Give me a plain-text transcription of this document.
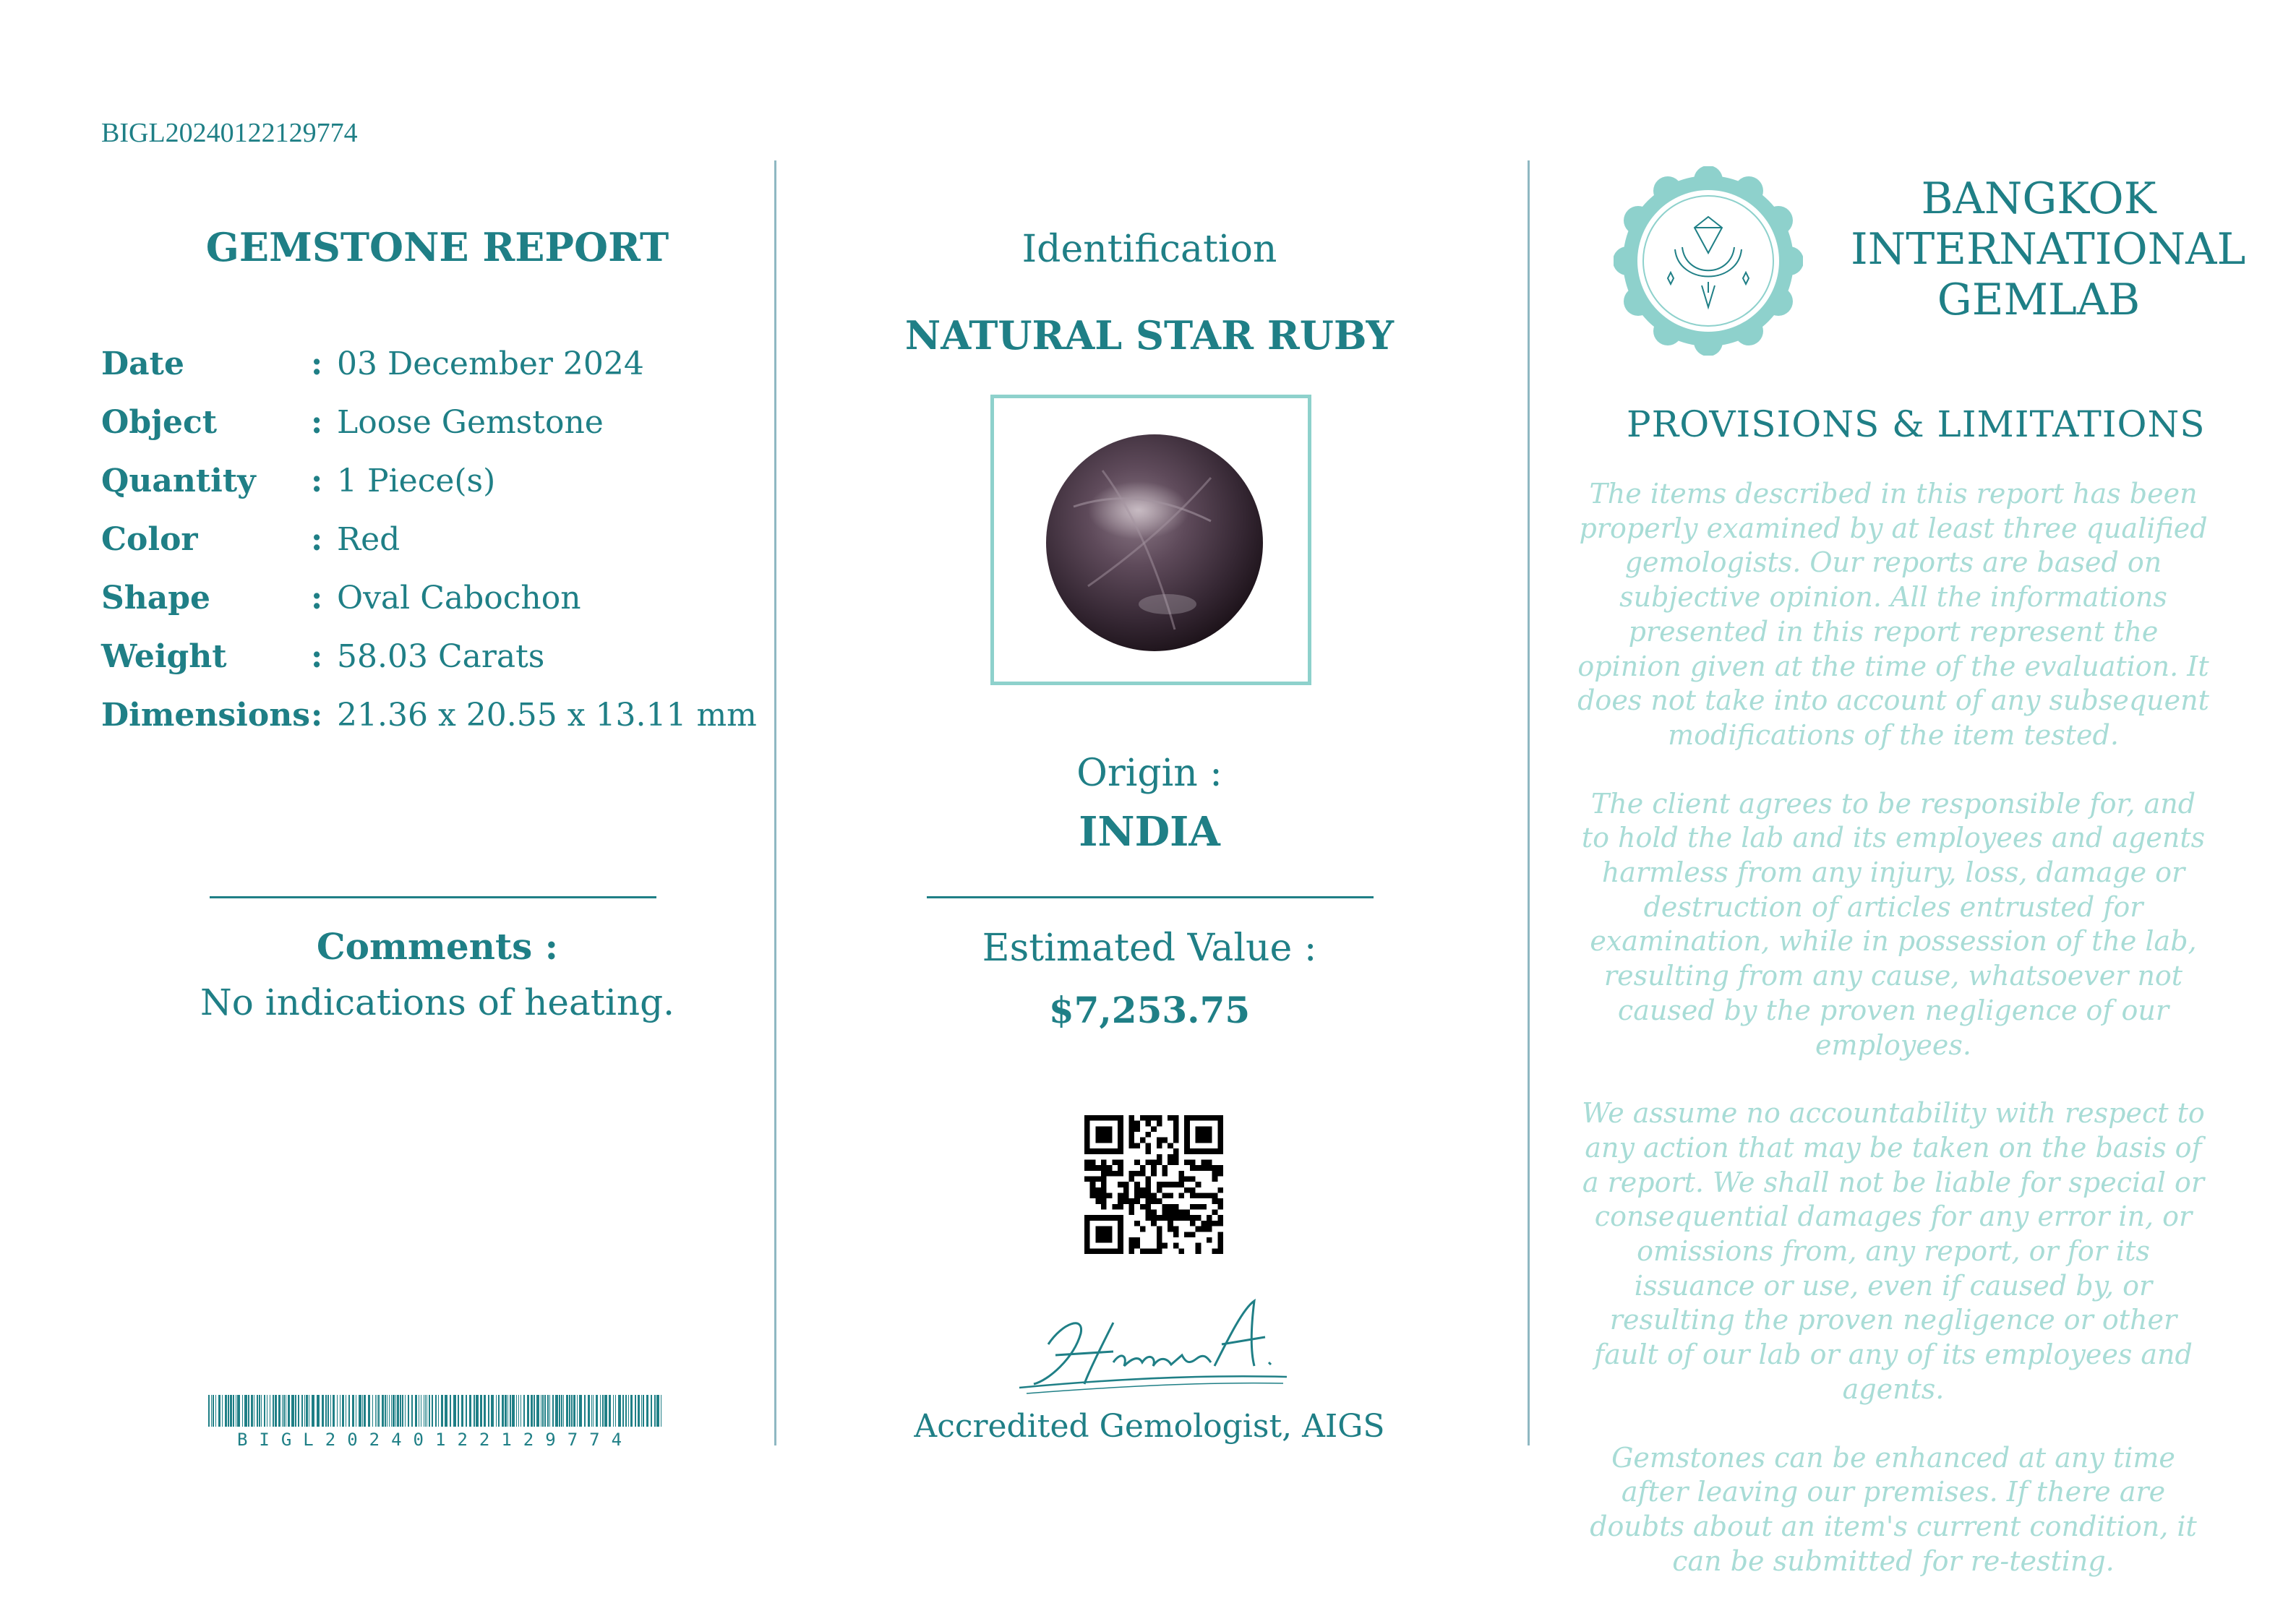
BIGL20240122129774
GEMSTONE REPORT
Date	: 03 December 2024
Object	: Loose Gemstone
Quantity	: 1 Piece(s)
Color	: Red
Shape	: Oval Cabochon
Weight	: 58.03 Carats
Dimensions : 21.36 x 20.55 x 13.11 mm
Comments :
No indications of heating.
BIGL20240122129774
Identification
NATURAL STAR RUBY
Origin :
INDIA
Estimated Value :
$7,253.75
Accredited Gemologist, AIGS
BANGKOK
INTERNATIONAL
GEMLAB
PROVISIONS & LIMITATIONS

The items described in this report has been properly examined by at least three qualified gemologists. Our reports are based on subjective opinion. All the informations presented in this report represent the opinion given at the time of the evaluation. It does not take into account of any subsequent modifications of the item tested.

The client agrees to be responsible for, and to hold the lab and its employees and agents harmless from any injury, loss, damage or destruction of articles entrusted for examination, while in possession of the lab, resulting from any cause, whatsoever not caused by the proven negligence of our employees.

We assume no accountability with respect to any action that may be taken on the basis of a report. We shall not be liable for special or consequential damages for any error in, or omissions from, any report, or for its issuance or use, even if caused by, or resulting the proven negligence or other fault of our lab or any of its employees and agents.

Gemstones can be enhanced at any time after leaving our premises. If there are doubts about an item's current condition, it can be submitted for re-testing.
